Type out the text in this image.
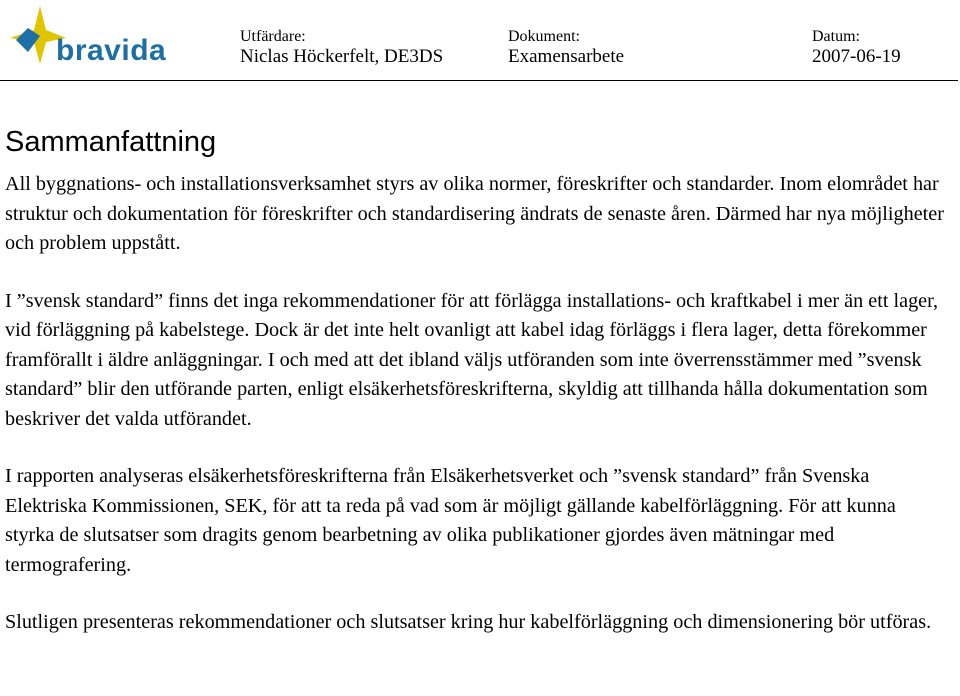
bravida	Utfärdare:
Niclas Höckerfelt, DE3DS
Dokument:
Examensarbete
Datum:
2007-06-19
Sammanfattning

All byggnations- och installationsverksamhet styrs av olika normer, föreskrifter och standarder. Inom elområdet har struktur och dokumentation för föreskrifter och standardisering ändrats de senaste åren. Därmed har nya möjligheter och problem uppstått.

I ”svensk standard” finns det inga rekommendationer för att förlägga installations- och kraftkabel i mer än ett lager, vid förläggning på kabelstege. Dock är det inte helt ovanligt att kabel idag förläggs i flera lager, detta förekommer framförallt i äldre anläggningar. I och med att det ibland väljs utföranden som inte överrensstämmer med ”svensk standard” blir den utförande parten, enligt elsäkerhetsföreskrifterna, skyldig att tillhanda hålla dokumentation som beskriver det valda utförandet.

I rapporten analyseras elsäkerhetsföreskrifterna från Elsäkerhetsverket och ”svensk standard” från Svenska Elektriska Kommissionen, SEK, för att ta reda på vad som är möjligt gällande kabelförläggning. För att kunna styrka de slutsatser som dragits genom bearbetning av olika publikationer gjordes även mätningar med termografering.

Slutligen presenteras rekommendationer och slutsatser kring hur kabelförläggning och dimensionering bör utföras.
